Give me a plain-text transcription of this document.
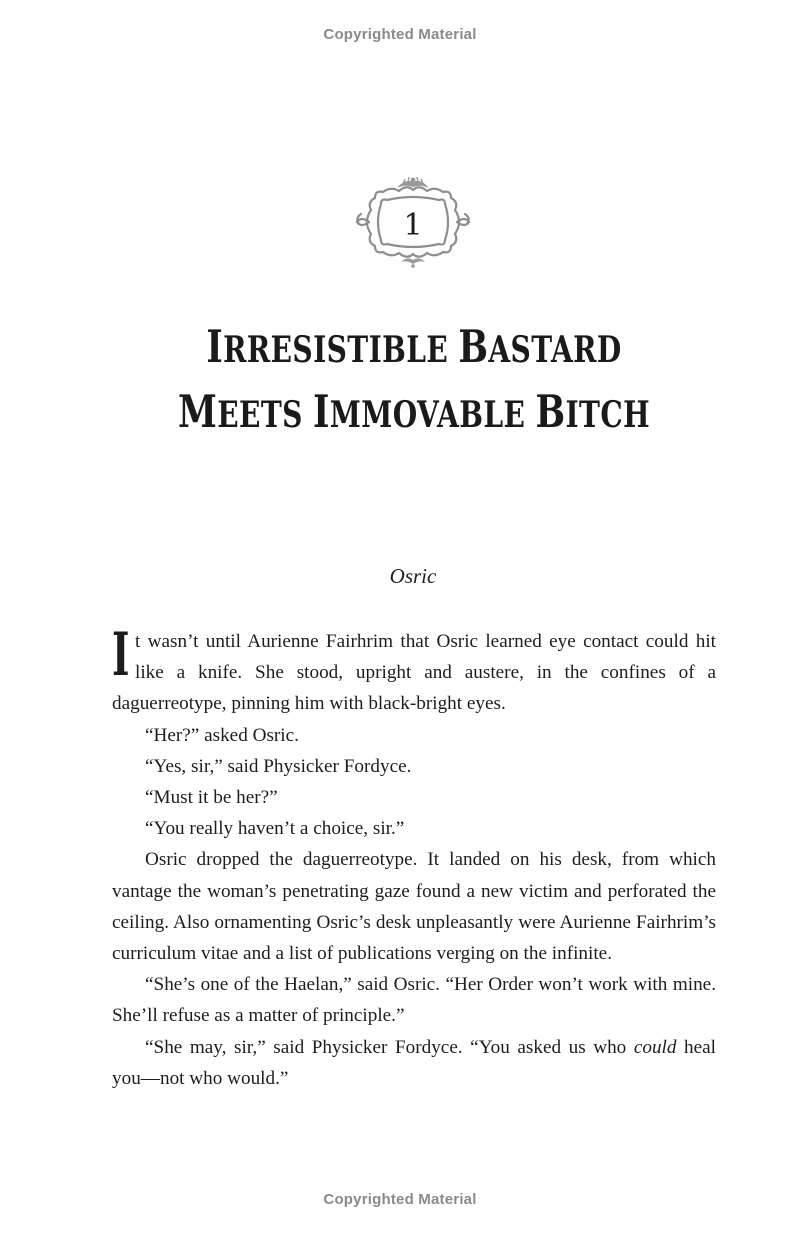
Copyrighted Material
1
IRRESISTIBLE BASTARD
MEETS IMMOVABLE BITCH
Osric

It wasn’t until Aurienne Fairhrim that Osric learned eye contact could hit like a knife. She stood, upright and austere, in the confines of a daguerreotype, pinning him with black-bright eyes.

“Her?” asked Osric.

“Yes, sir,” said Physicker Fordyce.

“Must it be her?”

“You really haven’t a choice, sir.”

Osric dropped the daguerreotype. It landed on his desk, from which vantage the woman’s penetrating gaze found a new victim and perforated the ceiling. Also ornamenting Osric’s desk unpleasantly were Aurienne Fairhrim’s curriculum vitae and a list of publications verging on the infinite.

“She’s one of the Haelan,” said Osric. “Her Order won’t work with mine. She’ll refuse as a matter of principle.”

“She may, sir,” said Physicker Fordyce. “You asked us who could heal you—not who would.”

Copyrighted Material
